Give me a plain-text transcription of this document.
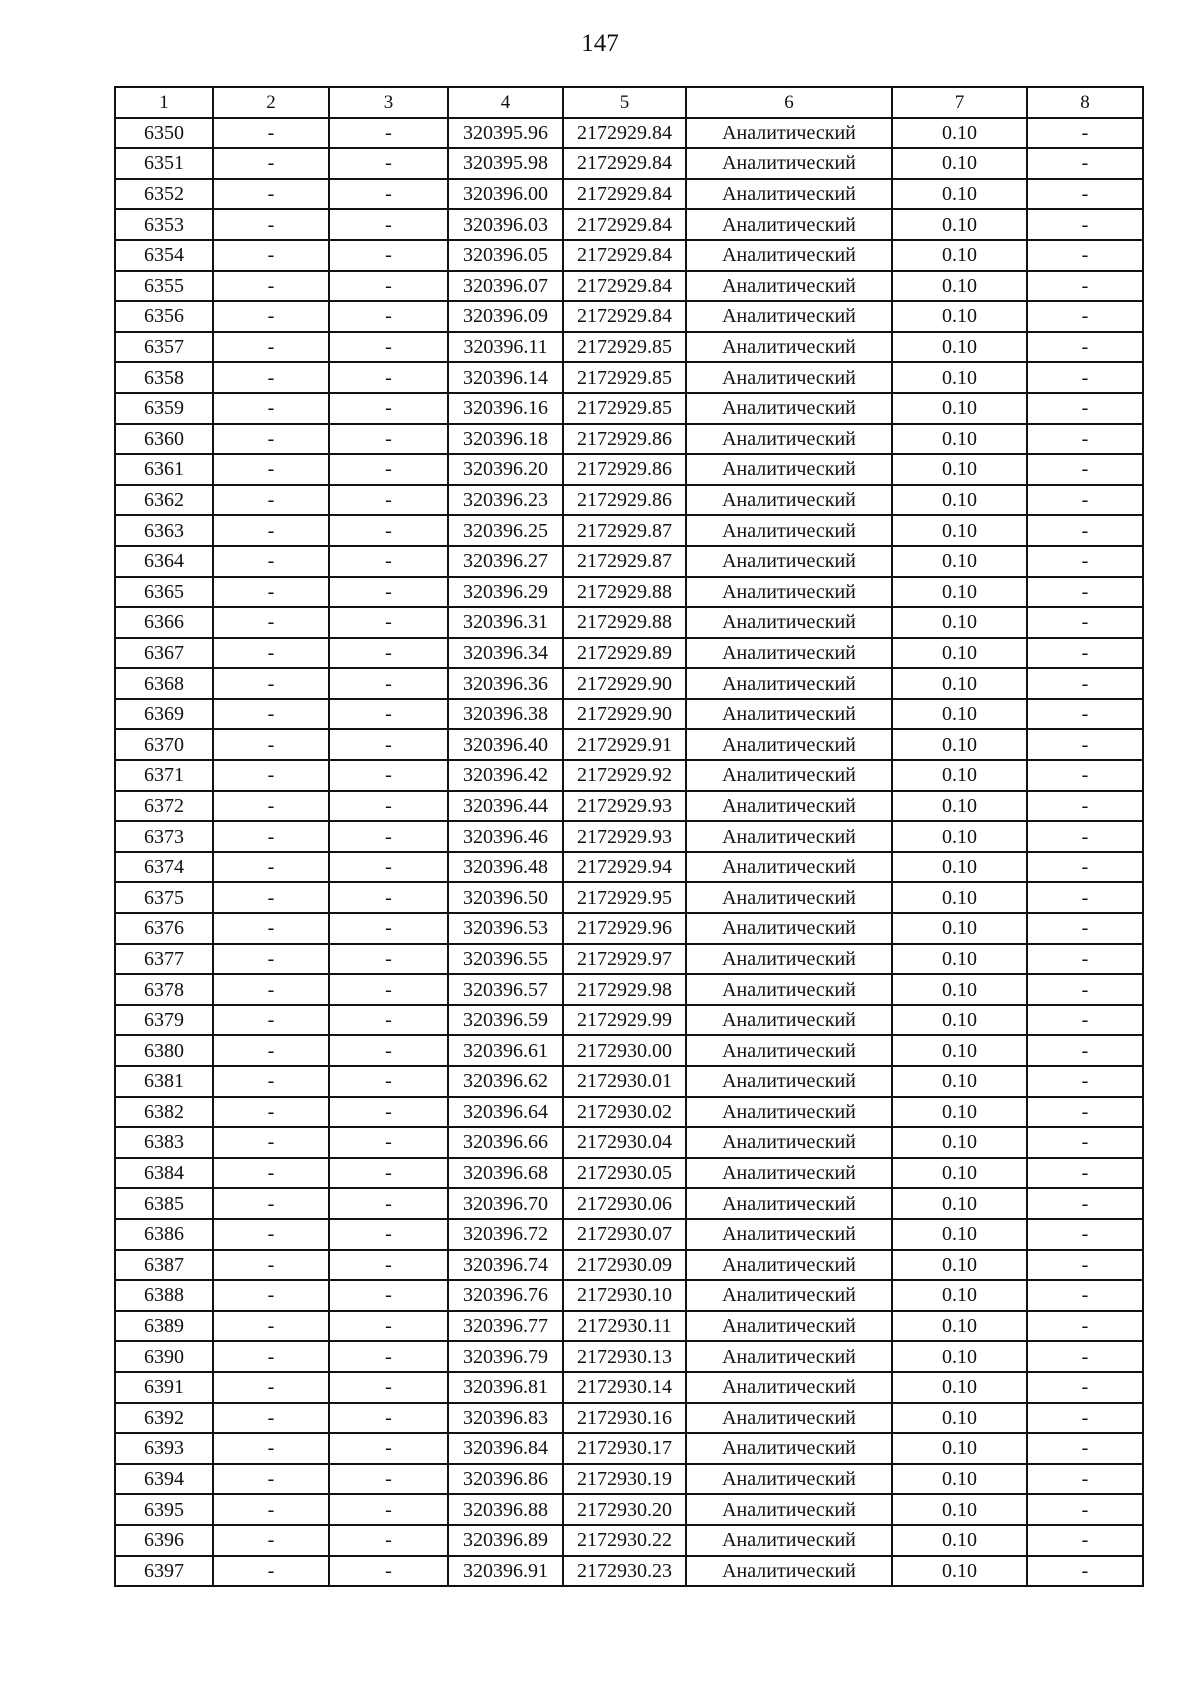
147
1	2	3	4	5	6	7	8
6350	-	-	320395.96	2172929.84	Аналитический	0.10	-
6351	-	-	320395.98	2172929.84	Аналитический	0.10	-
6352	-	-	320396.00	2172929.84	Аналитический	0.10	-
6353	-	-	320396.03	2172929.84	Аналитический	0.10	-
6354	-	-	320396.05	2172929.84	Аналитический	0.10	-
6355	-	-	320396.07	2172929.84	Аналитический	0.10	-
6356	-	-	320396.09	2172929.84	Аналитический	0.10	-
6357	-	-	320396.11	2172929.85	Аналитический	0.10	-
6358	-	-	320396.14	2172929.85	Аналитический	0.10	-
6359	-	-	320396.16	2172929.85	Аналитический	0.10	-
6360	-	-	320396.18	2172929.86	Аналитический	0.10	-
6361	-	-	320396.20	2172929.86	Аналитический	0.10	-
6362	-	-	320396.23	2172929.86	Аналитический	0.10	-
6363	-	-	320396.25	2172929.87	Аналитический	0.10	-
6364	-	-	320396.27	2172929.87	Аналитический	0.10	-
6365	-	-	320396.29	2172929.88	Аналитический	0.10	-
6366	-	-	320396.31	2172929.88	Аналитический	0.10	-
6367	-	-	320396.34	2172929.89	Аналитический	0.10	-
6368	-	-	320396.36	2172929.90	Аналитический	0.10	-
6369	-	-	320396.38	2172929.90	Аналитический	0.10	-
6370	-	-	320396.40	2172929.91	Аналитический	0.10	-
6371	-	-	320396.42	2172929.92	Аналитический	0.10	-
6372	-	-	320396.44	2172929.93	Аналитический	0.10	-
6373	-	-	320396.46	2172929.93	Аналитический	0.10	-
6374	-	-	320396.48	2172929.94	Аналитический	0.10	-
6375	-	-	320396.50	2172929.95	Аналитический	0.10	-
6376	-	-	320396.53	2172929.96	Аналитический	0.10	-
6377	-	-	320396.55	2172929.97	Аналитический	0.10	-
6378	-	-	320396.57	2172929.98	Аналитический	0.10	-
6379	-	-	320396.59	2172929.99	Аналитический	0.10	-
6380	-	-	320396.61	2172930.00	Аналитический	0.10	-
6381	-	-	320396.62	2172930.01	Аналитический	0.10	-
6382	-	-	320396.64	2172930.02	Аналитический	0.10	-
6383	-	-	320396.66	2172930.04	Аналитический	0.10	-
6384	-	-	320396.68	2172930.05	Аналитический	0.10	-
6385	-	-	320396.70	2172930.06	Аналитический	0.10	-
6386	-	-	320396.72	2172930.07	Аналитический	0.10	-
6387	-	-	320396.74	2172930.09	Аналитический	0.10	-
6388	-	-	320396.76	2172930.10	Аналитический	0.10	-
6389	-	-	320396.77	2172930.11	Аналитический	0.10	-
6390	-	-	320396.79	2172930.13	Аналитический	0.10	-
6391	-	-	320396.81	2172930.14	Аналитический	0.10	-
6392	-	-	320396.83	2172930.16	Аналитический	0.10	-
6393	-	-	320396.84	2172930.17	Аналитический	0.10	-
6394	-	-	320396.86	2172930.19	Аналитический	0.10	-
6395	-	-	320396.88	2172930.20	Аналитический	0.10	-
6396	-	-	320396.89	2172930.22	Аналитический	0.10	-
6397	-	-	320396.91	2172930.23	Аналитический	0.10	-
